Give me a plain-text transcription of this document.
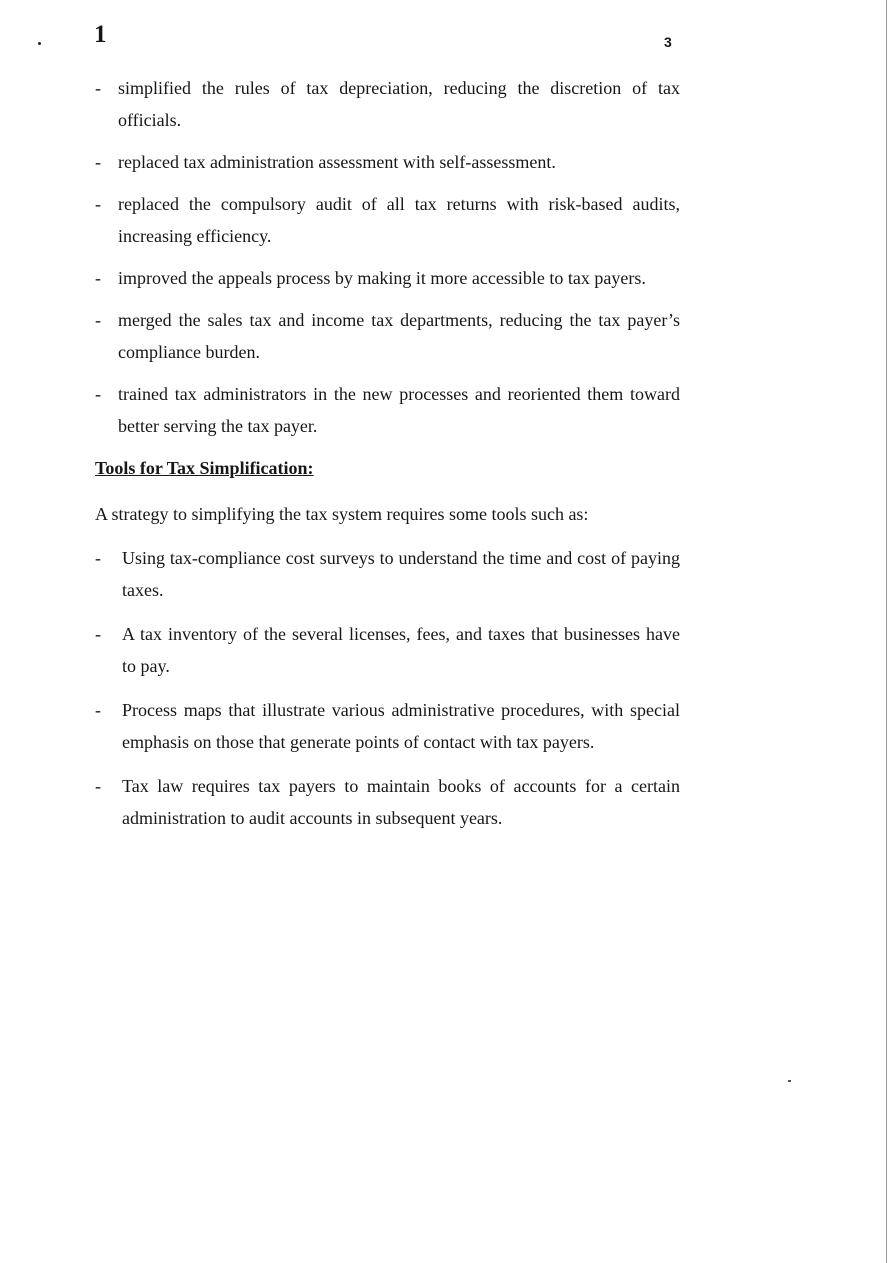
1	3
- simplified the rules of tax depreciation, reducing the discretion of tax officials.
- replaced tax administration assessment with self-assessment.
- replaced the compulsory audit of all tax returns with risk-based audits, increasing efficiency.
- improved the appeals process by making it more accessible to tax payers.
- merged the sales tax and income tax departments, reducing the tax payer’s compliance burden.
- trained tax administrators in the new processes and reoriented them toward better serving the tax payer.
Tools for Tax Simplification:

A strategy to simplifying the tax system requires some tools such as:

-	Using tax-compliance cost surveys to understand the time and cost of paying taxes.
-	A tax inventory of the several licenses, fees, and taxes that businesses have to pay.
-	Process maps that illustrate various administrative procedures, with special emphasis on those that generate points of contact with tax payers.
-	Tax law requires tax payers to maintain books of accounts for a certain administration to audit accounts in subsequent years.
